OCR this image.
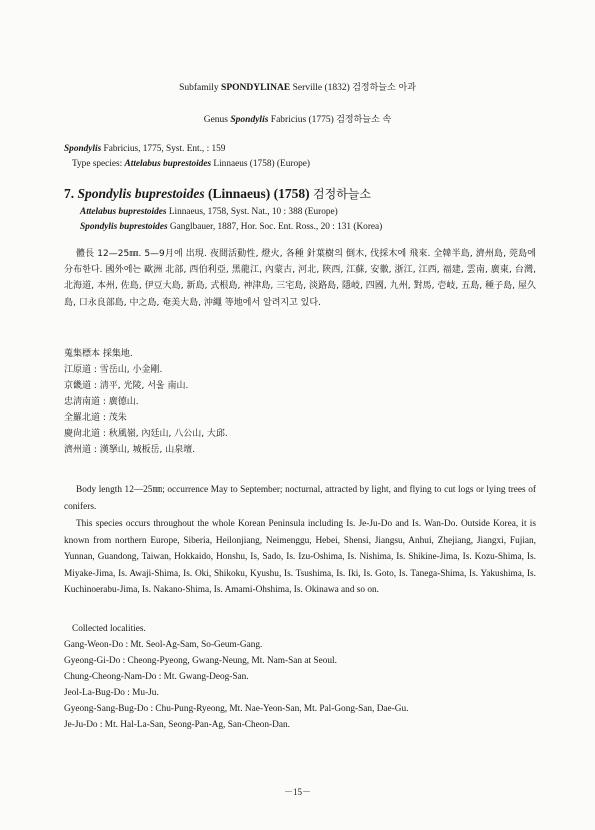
Subfamily SPONDYLINAE Serville (1832) 검정하늘소 아과
Genus Spondylis Fabricius (1775) 검정하늘소 속
Spondylis Fabricius, 1775, Syst. Ent., : 159
Type species: Attelabus buprestoides Linnaeus (1758) (Europe)
7. Spondylis buprestoides (Linnaeus) (1758) 검정하늘소
Attelabus buprestoides Linnaeus, 1758, Syst. Nat., 10 : 388 (Europe)
Spondylis buprestoides Ganglbauer, 1887, Hor. Soc. Ent. Ross., 20 : 131 (Korea)
體長 12—25㎜. 5—9月에 出現. 夜間活動性, 燈火, 各種 針葉樹의 倒木, 伐採木에 飛來. 全韓半島, 濟州島, 莞島에 分布한다. 國外에는 歐洲 北部, 西伯利亞, 黑龍江, 內蒙古, 河北, 陝西, 江蘇, 安徽, 浙江, 江西, 福建, 雲南, 廣東, 台灣, 北海道, 本州, 佐島, 伊豆大島, 新島, 式根島, 神津島, 三宅島, 淡路島, 隱岐, 四國, 九州, 對馬, 壱岐, 五島, 種子島, 屋久島, 口永良部島, 中之島, 奄美大島, 沖繩 等地에서 알려지고 있다.
蒐集標本 採集地.
江原道 : 雪岳山, 小金剛.
京畿道 : 淸平, 光陵, 서울 南山.
忠淸南道 : 廣德山.
全羅北道 : 茂朱
慶尙北道 : 秋風嶺, 內廷山, 八公山, 大邱.
濟州道 : 漢拏山, 城板岳, 山泉壇.
Body length 12—25㎜; occurrence May to September; nocturnal, attracted by light, and flying to cut logs or lying trees of conifers.
This species occurs throughout the whole Korean Peninsula including Is. Je-Ju-Do and Is. Wan-Do. Outside Korea, it is known from northern Europe, Siberia, Heilonjiang, Neimenggu, Hebei, Shensi, Jiangsu, Anhui, Zhejiang, Jiangxi, Fujian, Yunnan, Guandong, Taiwan, Hokkaido, Honshu, Is, Sado, Is. Izu-Oshima, Is. Nishima, Is. Shikine-Jima, Is. Kozu-Shima, Is. Miyake-Jima, Is. Awaji-Shima, Is. Oki, Shikoku, Kyushu, Is. Tsushima, Is. Iki, Is. Goto, Is. Tanega-Shima, Is. Yakushima, Is. Kuchinoerabu-Jima, Is. Nakano-Shima, Is. Amami-Ohshima, Is. Okinawa and so on.
Collected localities.
Gang-Weon-Do : Mt. Seol-Ag-Sam, So-Geum-Gang.
Gyeong-Gi-Do : Cheong-Pyeong, Gwang-Neung, Mt. Nam-San at Seoul.
Chung-Cheong-Nam-Do : Mt. Gwang-Deog-San.
Jeol-La-Bug-Do : Mu-Ju.
Gyeong-Sang-Bug-Do : Chu-Pung-Ryeong, Mt. Nae-Yeon-San, Mt. Pal-Gong-San, Dae-Gu.
Je-Ju-Do : Mt. Hal-La-San, Seong-Pan-Ag, San-Cheon-Dan.
－15－
